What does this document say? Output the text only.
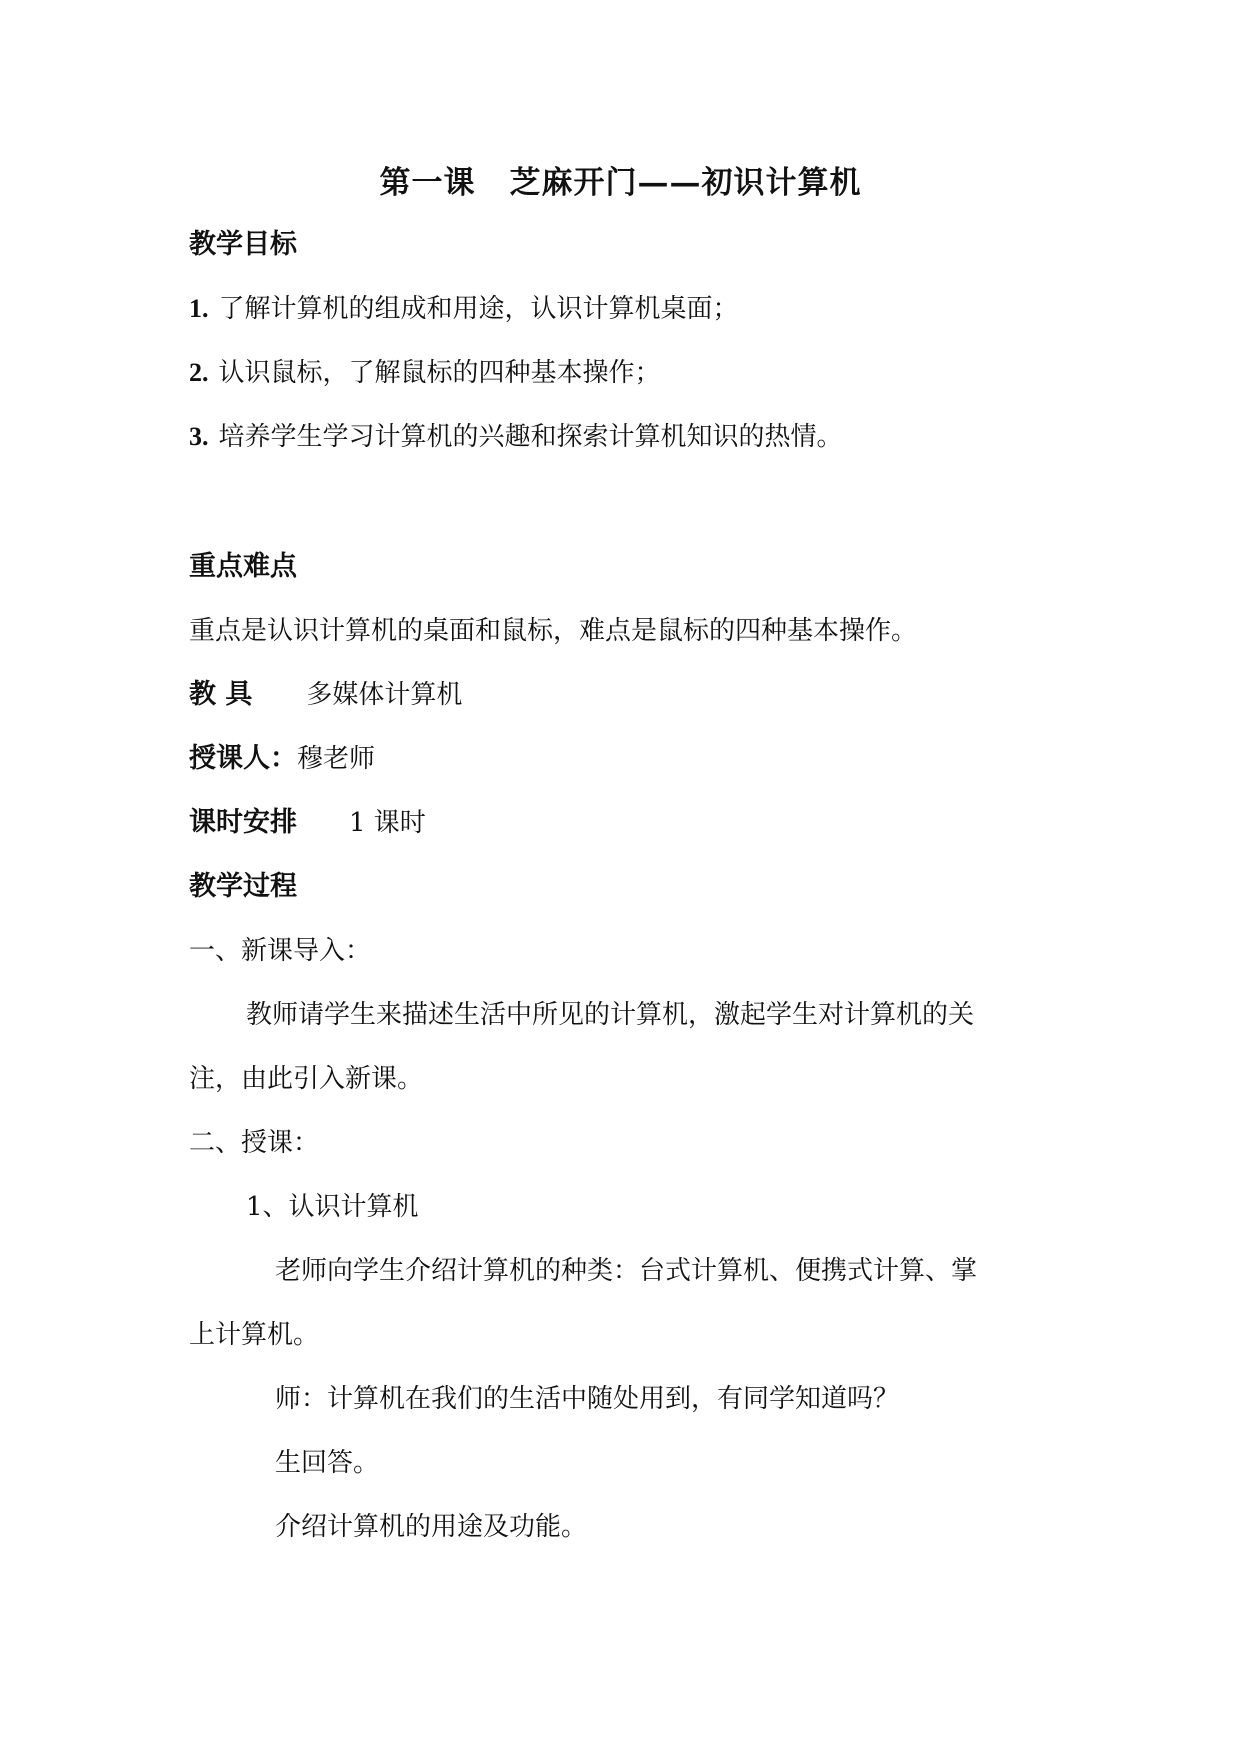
第一课 芝麻开门——初识计算机
教学目标
1. 了解计算机的组成和用途，认识计算机桌面；
2. 认识鼠标，了解鼠标的四种基本操作；
3. 培养学生学习计算机的兴趣和探索计算机知识的热情。
重点难点
重点是认识计算机的桌面和鼠标，难点是鼠标的四种基本操作。
教 具 多媒体计算机
授课人：穆老师
课时安排 1 课时
教学过程
一、新课导入：
教师请学生来描述生活中所见的计算机，激起学生对计算机的关
注，由此引入新课。
二、授课：
1、认识计算机
老师向学生介绍计算机的种类：台式计算机、便携式计算、掌
上计算机。
师：计算机在我们的生活中随处用到，有同学知道吗？
生回答。
介绍计算机的用途及功能。
